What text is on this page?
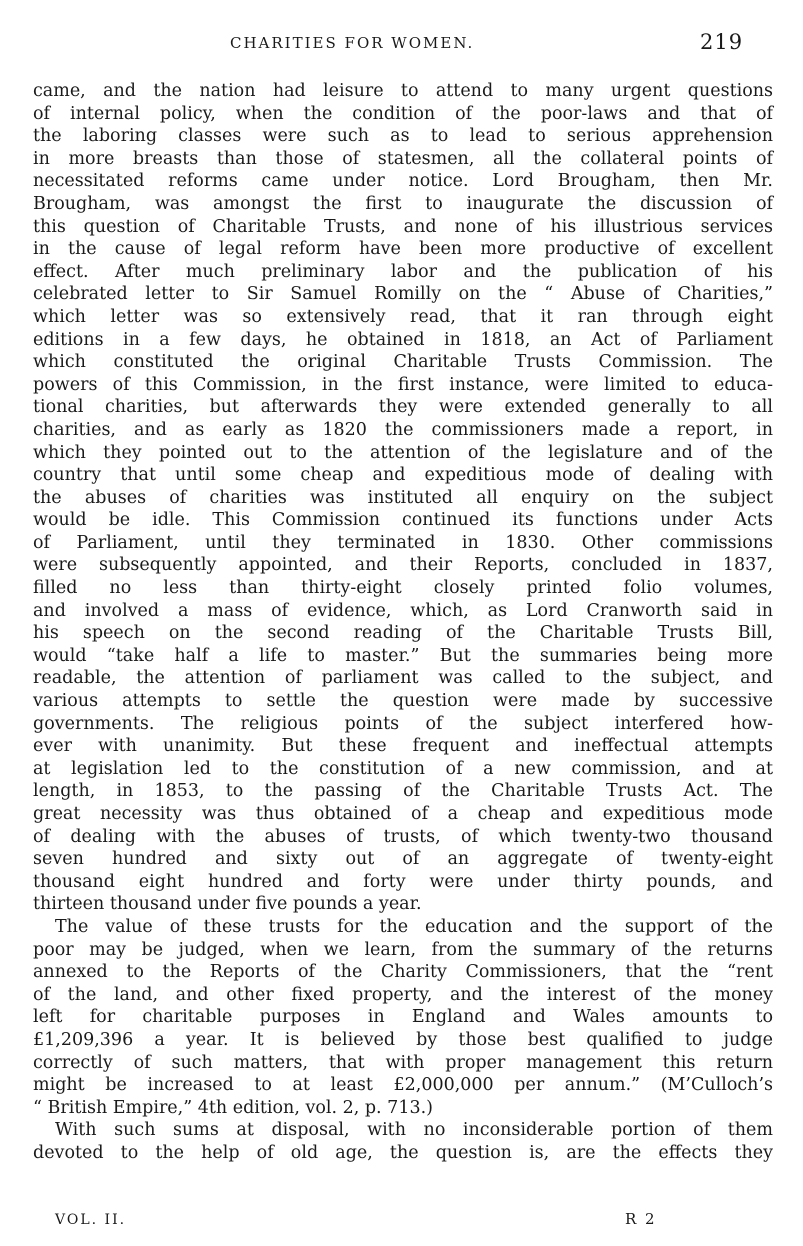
CHARITIES FOR WOMEN.	219
came, and the nation had leisure to attend to many urgent questions
of internal policy, when the condition of the poor-laws and that of
the laboring classes were such as to lead to serious apprehension
in more breasts than those of statesmen, all the collateral points of
necessitated reforms came under notice. Lord Brougham, then Mr.
Brougham, was amongst the first to inaugurate the discussion of
this question of Charitable Trusts, and none of his illustrious services
in the cause of legal reform have been more productive of excellent
effect. After much preliminary labor and the publication of his
celebrated letter to Sir Samuel Romilly on the “ Abuse of Charities,”
which letter was so extensively read, that it ran through eight
editions in a few days, he obtained in 1818, an Act of Parliament
which constituted the original Charitable Trusts Commission. The
powers of this Commission, in the first instance, were limited to educa-
tional charities, but afterwards they were extended generally to all
charities, and as early as 1820 the commissioners made a report, in
which they pointed out to the attention of the legislature and of the
country that until some cheap and expeditious mode of dealing with
the abuses of charities was instituted all enquiry on the subject
would be idle. This Commission continued its functions under Acts
of Parliament, until they terminated in 1830. Other commissions
were subsequently appointed, and their Reports, concluded in 1837,
filled no less than thirty-eight closely printed folio volumes,
and involved a mass of evidence, which, as Lord Cranworth said in
his speech on the second reading of the Charitable Trusts Bill,
would “take half a life to master.” But the summaries being more
readable, the attention of parliament was called to the subject, and
various attempts to settle the question were made by successive
governments. The religious points of the subject interfered how-
ever with unanimity. But these frequent and ineffectual attempts
at legislation led to the constitution of a new commission, and at
length, in 1853, to the passing of the Charitable Trusts Act. The
great necessity was thus obtained of a cheap and expeditious mode
of dealing with the abuses of trusts, of which twenty-two thousand
seven hundred and sixty out of an aggregate of twenty-eight
thousand eight hundred and forty were under thirty pounds, and
thirteen thousand under five pounds a year.
The value of these trusts for the education and the support of the
poor may be judged, when we learn, from the summary of the returns
annexed to the Reports of the Charity Commissioners, that the “rent
of the land, and other fixed property, and the interest of the money
left for charitable purposes in England and Wales amounts to
£1,209,396 a year. It is believed by those best qualified to judge
correctly of such matters, that with proper management this return
might be increased to at least £2,000,000 per annum.” (M’Culloch’s
“ British Empire,” 4th edition, vol. 2, p. 713.)
With such sums at disposal, with no inconsiderable portion of them
devoted to the help of old age, the question is, are the effects they
VOL. II.	R 2
